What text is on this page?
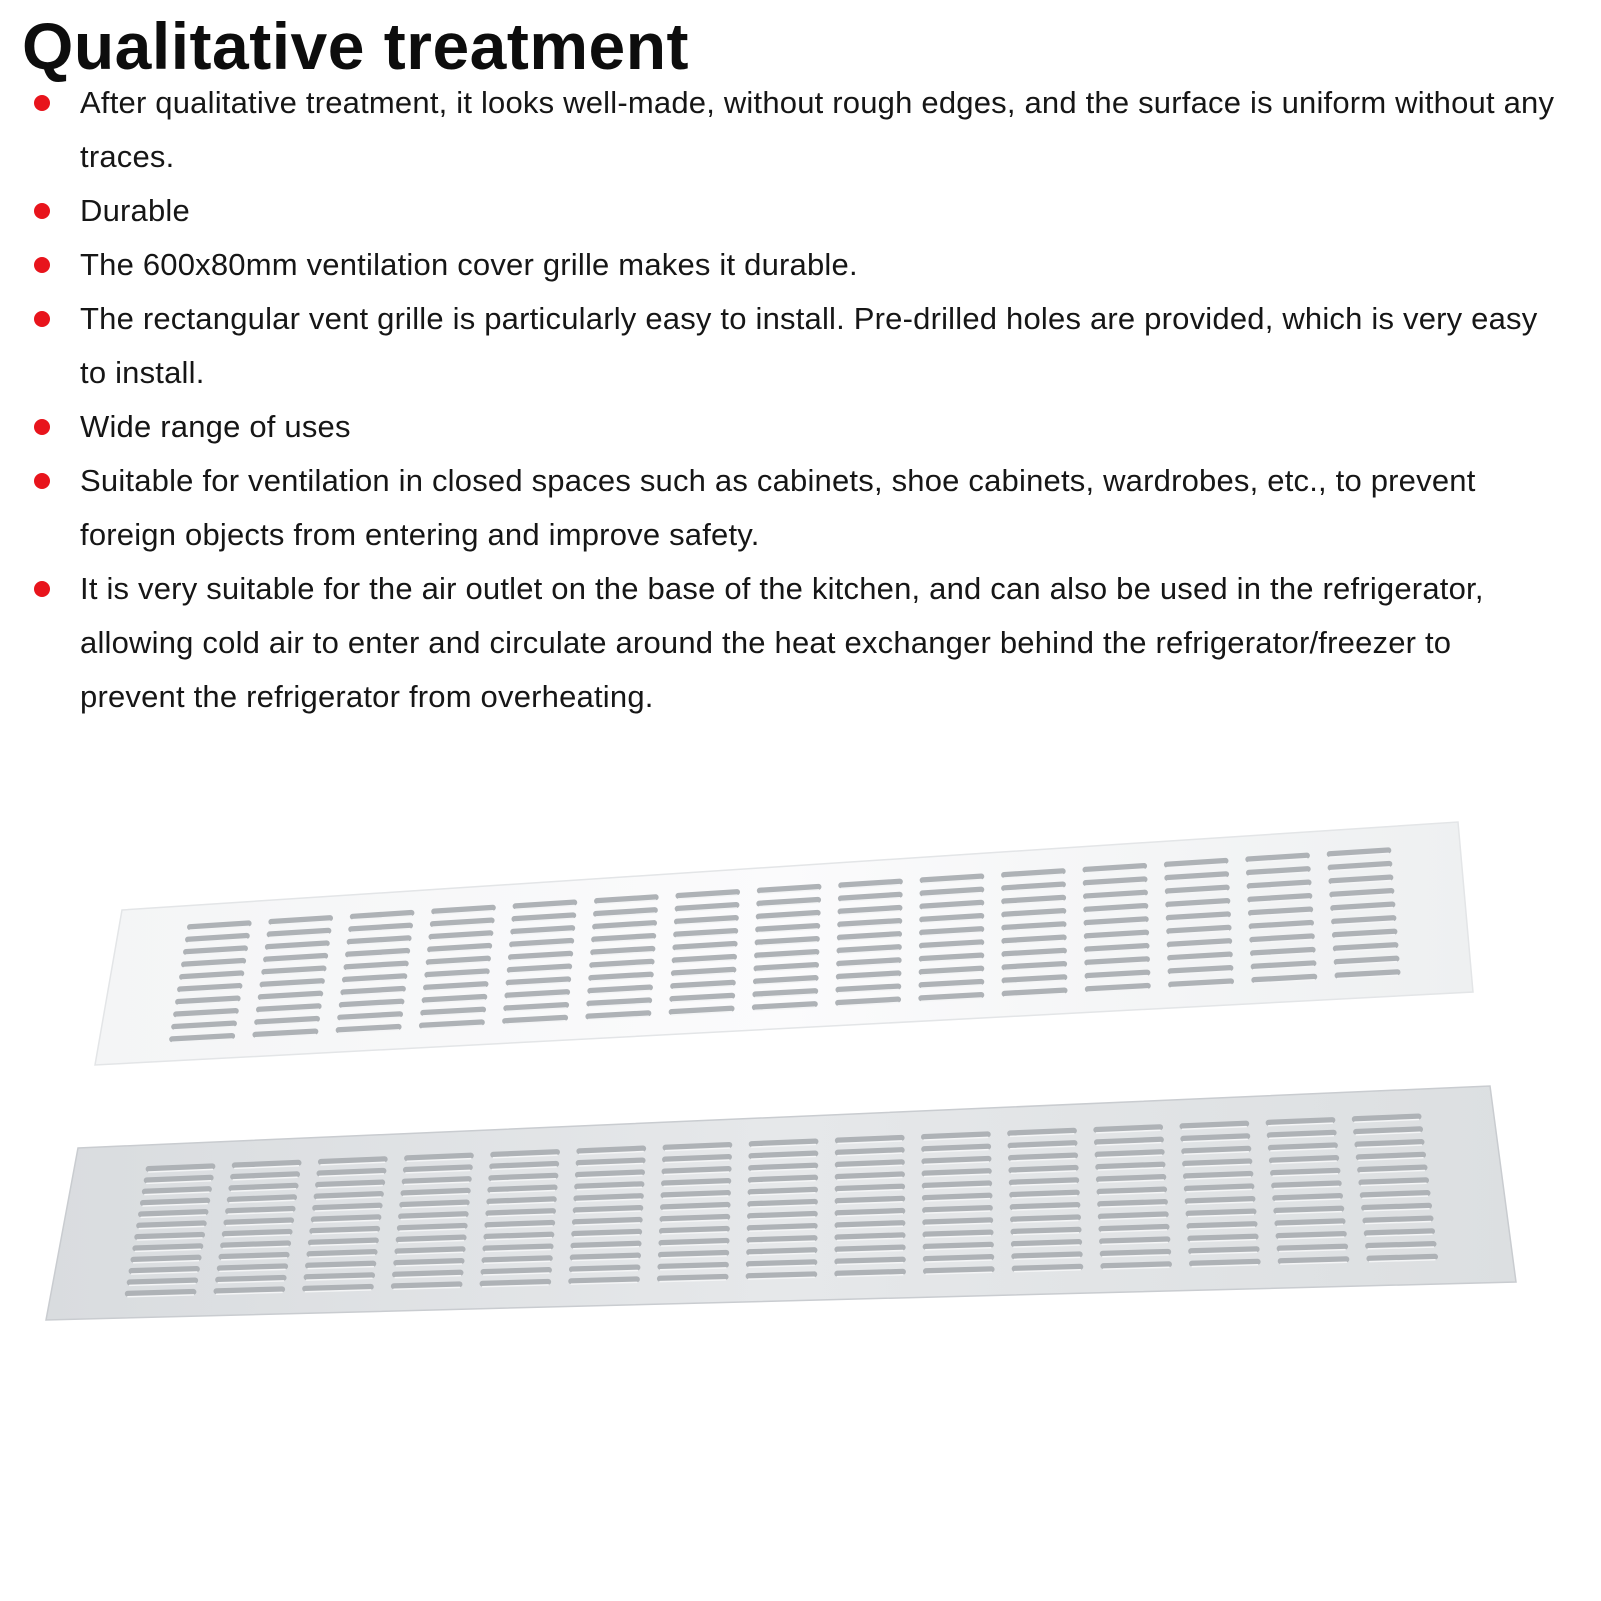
Qualitative treatment
After qualitative treatment, it looks well-made, without rough edges, and the surface is uniform without any traces.
Durable
The 600x80mm ventilation cover grille makes it durable.
The rectangular vent grille is particularly easy to install. Pre-drilled holes are provided, which is very easy to install.
Wide range of uses
Suitable for ventilation in closed spaces such as cabinets, shoe cabinets, wardrobes, etc., to prevent foreign objects from entering and improve safety.
It is very suitable for the air outlet on the base of the kitchen, and can also be used in the refrigerator, allowing cold air to enter and circulate around the heat exchanger behind the refrigerator/freezer to prevent the refrigerator from overheating.
